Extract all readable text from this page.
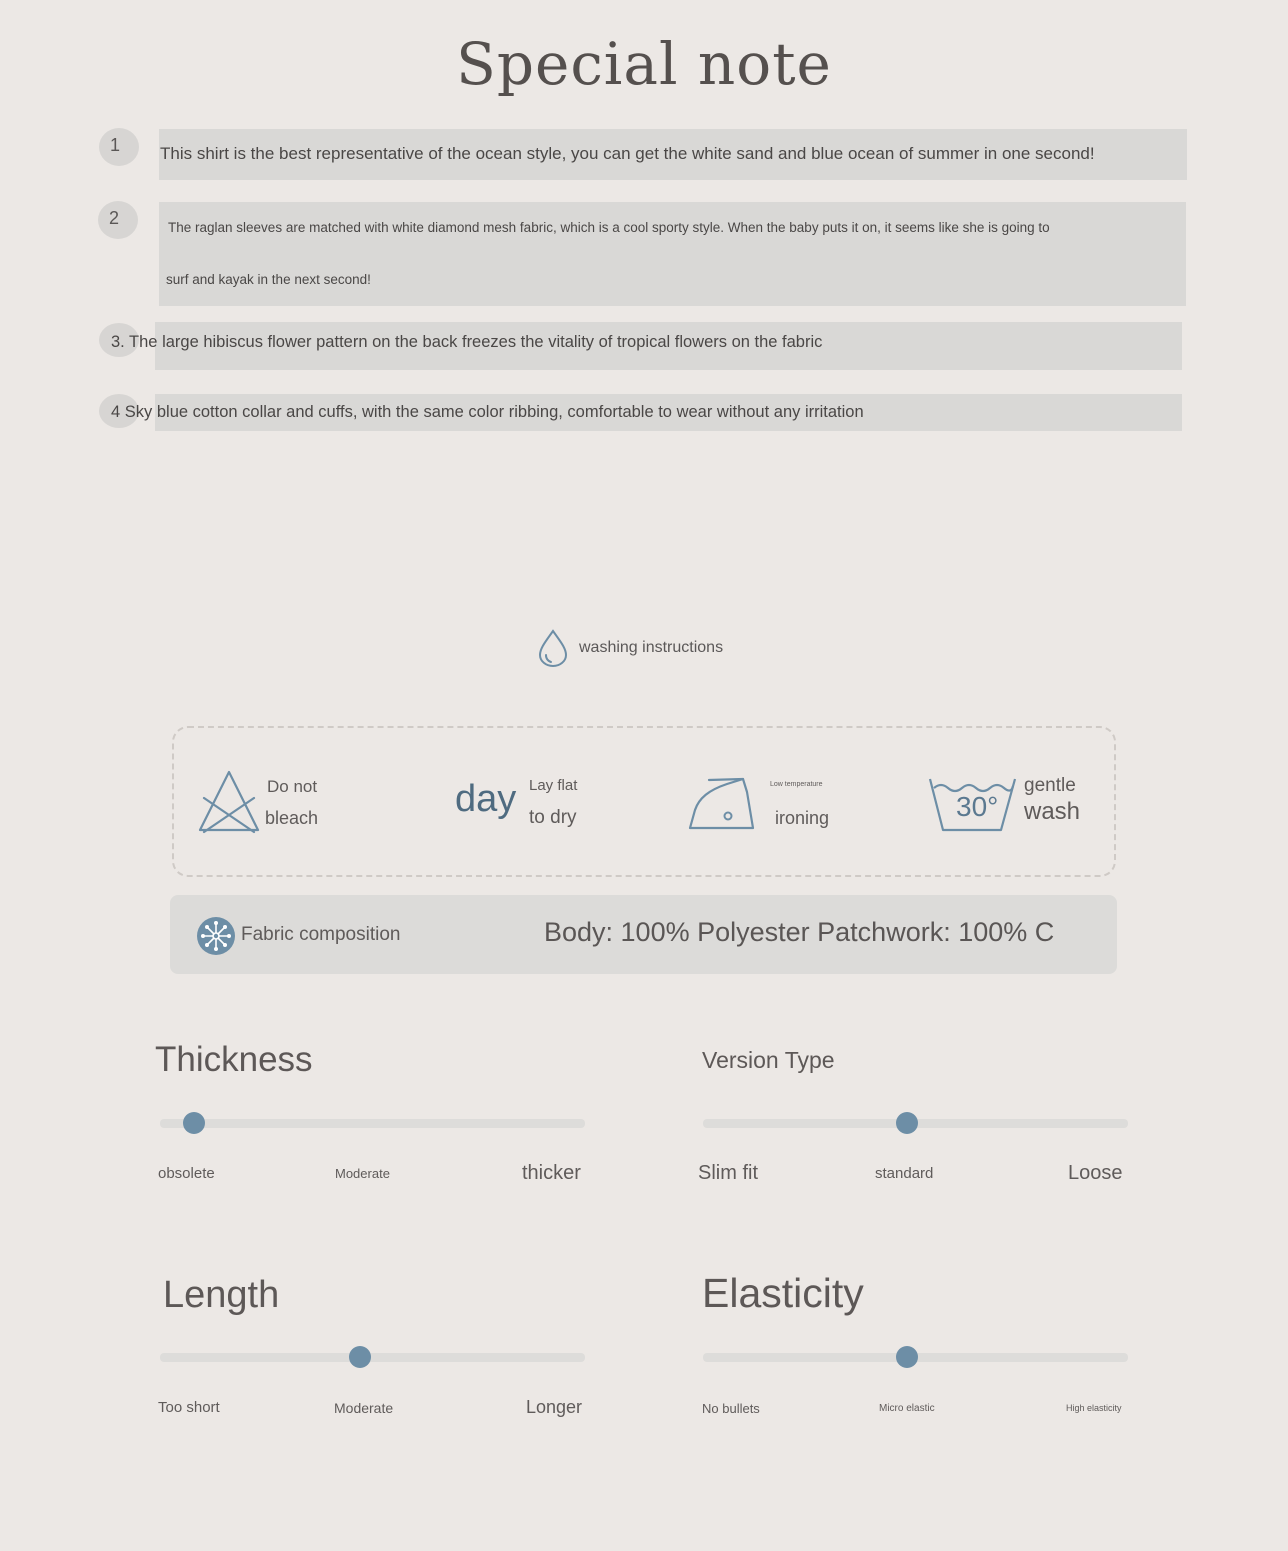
Special note
1	This shirt is the best representative of the ocean style, you can get the white sand and blue ocean of summer in one second!
2	The raglan sleeves are matched with white diamond mesh fabric, which is a cool sporty style. When the baby puts it on, it seems like she is going to
surf and kayak in the next second!
3. The large hibiscus flower pattern on the back freezes the vitality of tropical flowers on the fabric
4 Sky blue cotton collar and cuffs, with the same color ribbing, comfortable to wear without any irritation
washing instructions
Do not
bleach	day Lay flat
to dry
Low temperature
ironing	30°
gentle
wash
Fabric composition	Body: 100% Polyester Patchwork: 100% C
Thickness
obsolete	Moderate	thicker
Version Type
Slim fit	standard	Loose
Length
Too short	Moderate	Longer
Elasticity
No bullets	Micro elastic	High elasticity
